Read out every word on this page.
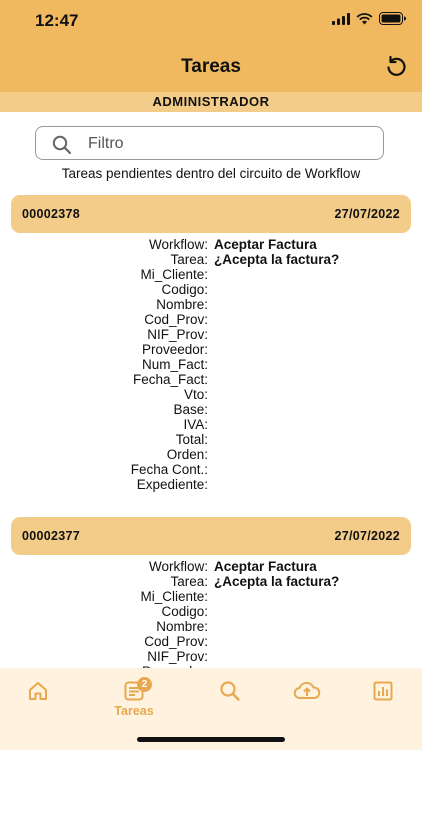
12:47
Tareas
ADMINISTRADOR
Filtro
Tareas pendientes dentro del circuito de Workflow
00002378	27/07/2022
Workflow: Aceptar Factura
Tarea: ¿Acepta la factura?
Mi_Cliente:
Codigo:
Nombre:
Cod_Prov:
NIF_Prov:
Proveedor:
Num_Fact:
Fecha_Fact:
Vto:
Base:
IVA:
Total:
Orden:
Fecha Cont.:
Expediente:
00002377	27/07/2022
Workflow: Aceptar Factura
Tarea: ¿Acepta la factura?
Mi_Cliente:
Codigo:
Nombre:
Cod_Prov:
NIF_Prov:
2
Tareas
